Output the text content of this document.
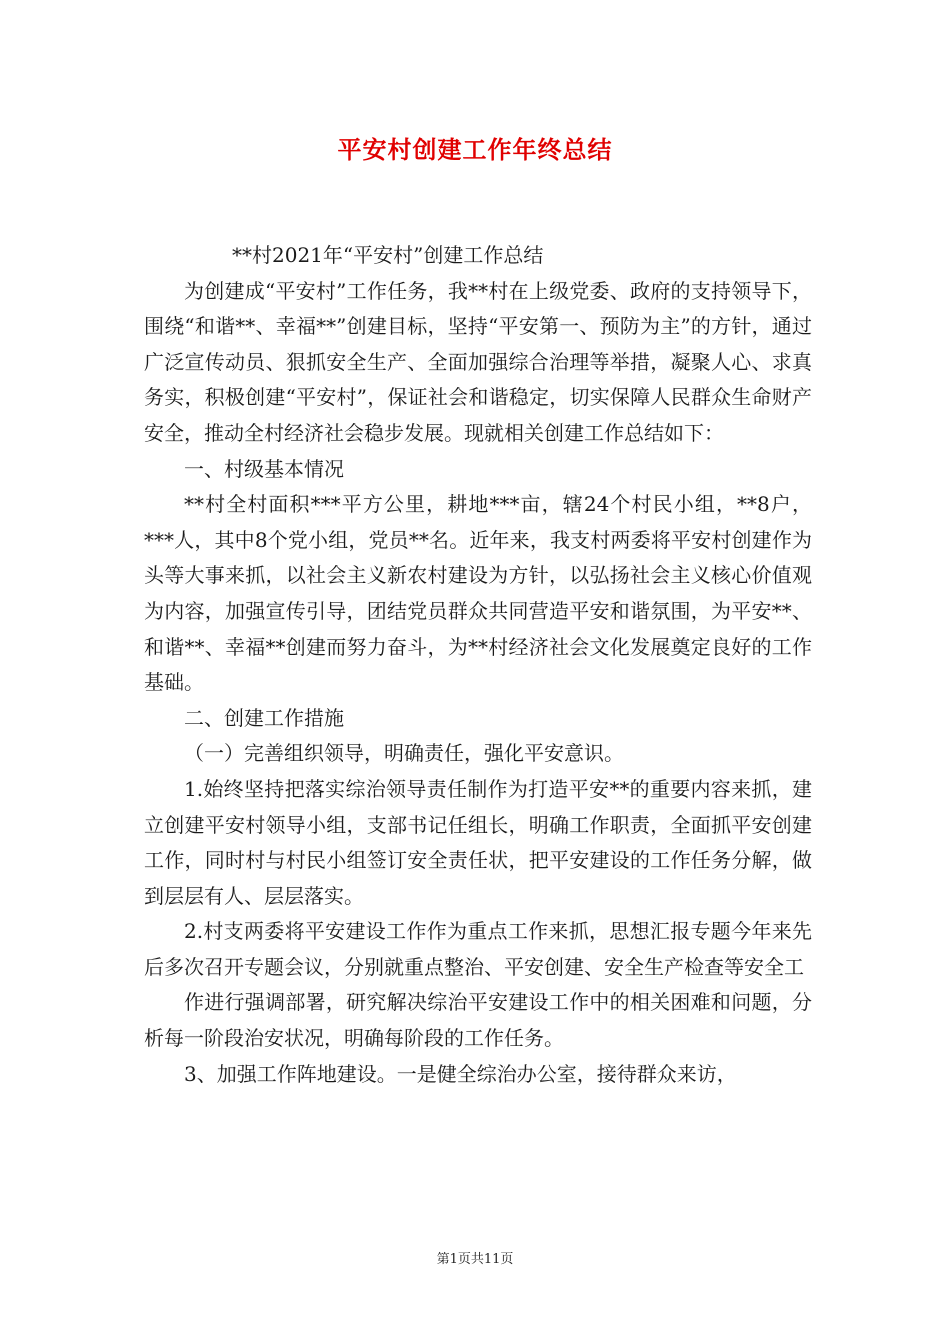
平安村创建工作年终总结

**村2021年“平安村”创建工作总结

为创建成“平安村”工作任务，我**村在上级党委、政府的支持领导下，围绕“和谐**、幸福**”创建目标，坚持“平安第一、预防为主”的方针，通过广泛宣传动员、狠抓安全生产、全面加强综合治理等举措，凝聚人心、求真务实，积极创建“平安村”，保证社会和谐稳定，切实保障人民群众生命财产安全，推动全村经济社会稳步发展。现就相关创建工作总结如下：

一、村级基本情况

**村全村面积***平方公里，耕地***亩，辖24个村民小组，**8户，***人，其中8个党小组，党员**名。近年来，我支村两委将平安村创建作为头等大事来抓，以社会主义新农村建设为方针，以弘扬社会主义核心价值观为内容，加强宣传引导，团结党员群众共同营造平安和谐氛围，为平安**、和谐**、幸福**创建而努力奋斗，为**村经济社会文化发展奠定良好的工作基础。

二、创建工作措施

（一）完善组织领导，明确责任，强化平安意识。

1.始终坚持把落实综治领导责任制作为打造平安**的重要内容来抓，建立创建平安村领导小组，支部书记任组长，明确工作职责，全面抓平安创建工作，同时村与村民小组签订安全责任状，把平安建设的工作任务分解，做到层层有人、层层落实。

2.村支两委将平安建设工作作为重点工作来抓，思想汇报专题今年来先后多次召开专题会议，分别就重点整治、平安创建、安全生产检查等安全工

作进行强调部署，研究解决综治平安建设工作中的相关困难和问题，分析每一阶段治安状况，明确每阶段的工作任务。

3、加强工作阵地建设。一是健全综治办公室，接待群众来访，

第1页共11页
